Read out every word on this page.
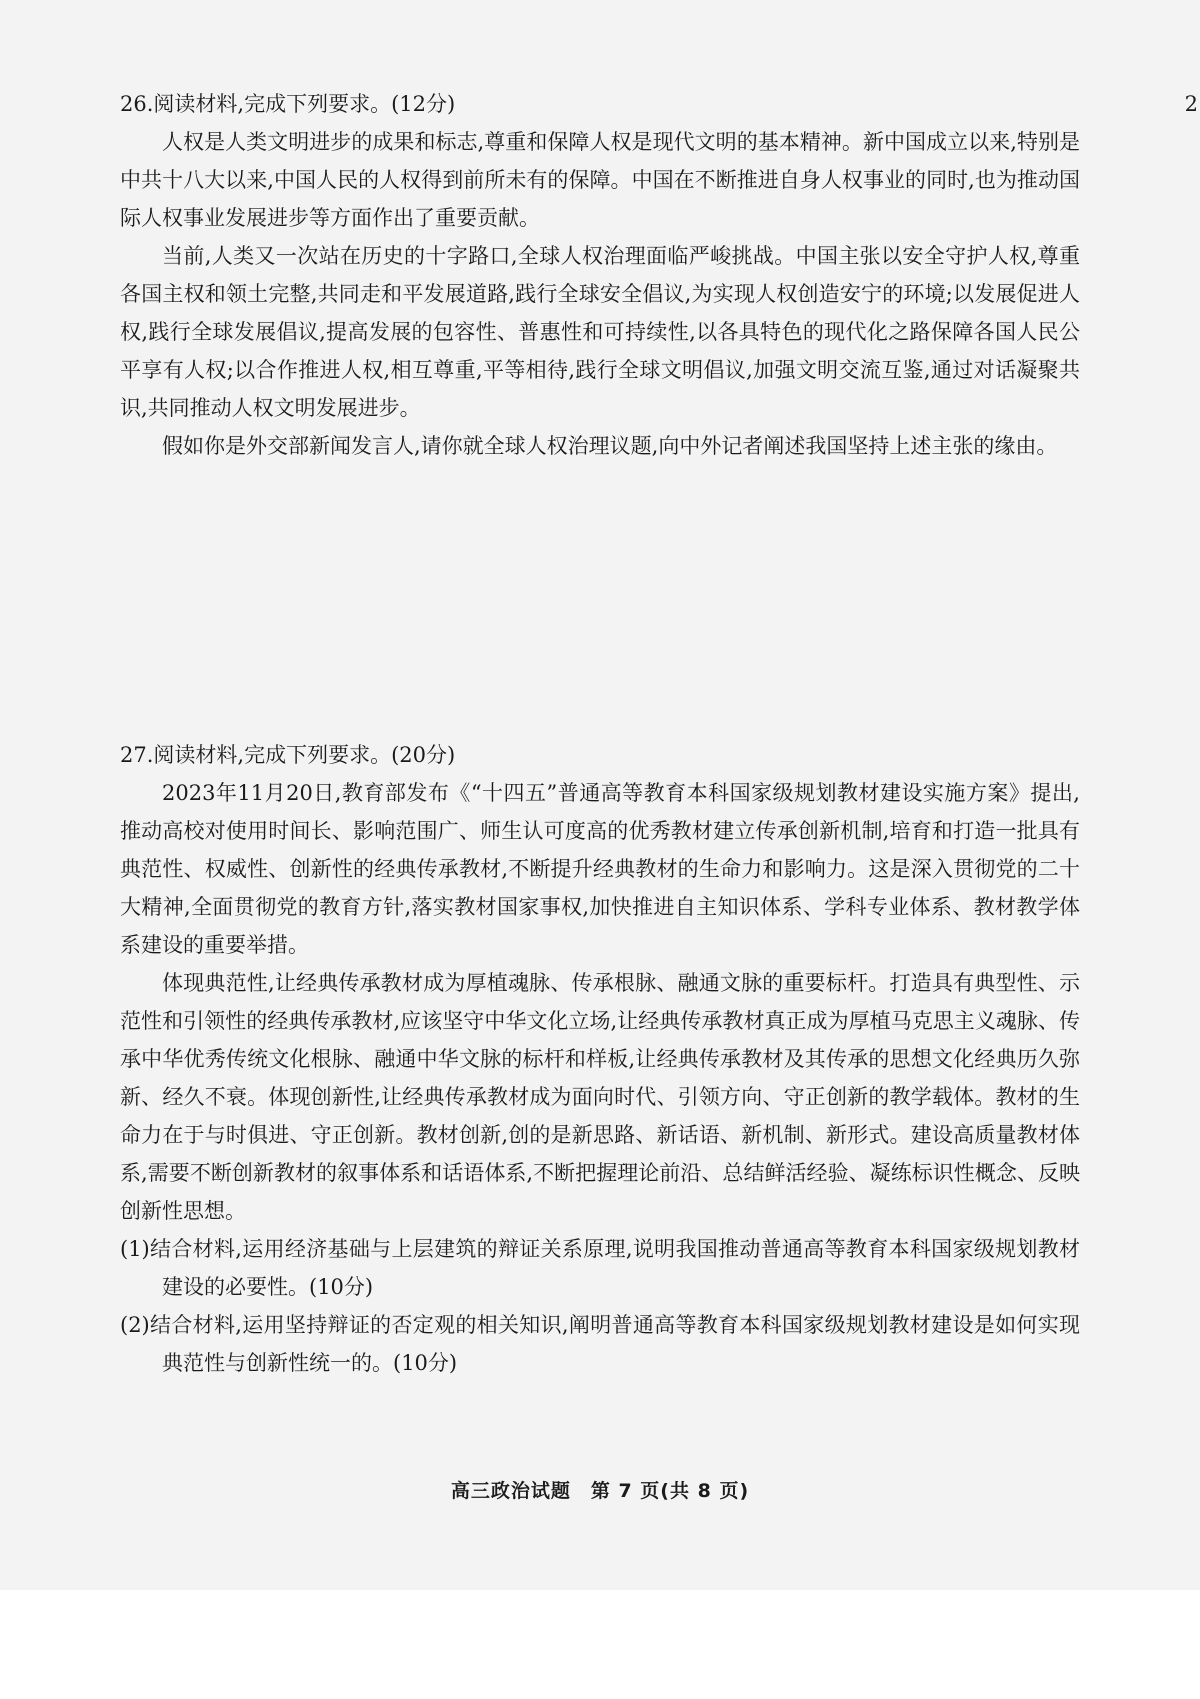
2
26.阅读材料,完成下列要求。(12分)

人权是人类文明进步的成果和标志,尊重和保障人权是现代文明的基本精神。新中国成立以来,特别是中共十八大以来,中国人民的人权得到前所未有的保障。中国在不断推进自身人权事业的同时,也为推动国际人权事业发展进步等方面作出了重要贡献。

当前,人类又一次站在历史的十字路口,全球人权治理面临严峻挑战。中国主张以安全守护人权,尊重各国主权和领土完整,共同走和平发展道路,践行全球安全倡议,为实现人权创造安宁的环境;以发展促进人权,践行全球发展倡议,提高发展的包容性、普惠性和可持续性,以各具特色的现代化之路保障各国人民公平享有人权;以合作推进人权,相互尊重,平等相待,践行全球文明倡议,加强文明交流互鉴,通过对话凝聚共识,共同推动人权文明发展进步。

假如你是外交部新闻发言人,请你就全球人权治理议题,向中外记者阐述我国坚持上述主张的缘由。

27.阅读材料,完成下列要求。(20分)

2023年11月20日,教育部发布《“十四五”普通高等教育本科国家级规划教材建设实施方案》提出,推动高校对使用时间长、影响范围广、师生认可度高的优秀教材建立传承创新机制,培育和打造一批具有典范性、权威性、创新性的经典传承教材,不断提升经典教材的生命力和影响力。这是深入贯彻党的二十大精神,全面贯彻党的教育方针,落实教材国家事权,加快推进自主知识体系、学科专业体系、教材教学体系建设的重要举措。

体现典范性,让经典传承教材成为厚植魂脉、传承根脉、融通文脉的重要标杆。打造具有典型性、示范性和引领性的经典传承教材,应该坚守中华文化立场,让经典传承教材真正成为厚植马克思主义魂脉、传承中华优秀传统文化根脉、融通中华文脉的标杆和样板,让经典传承教材及其传承的思想文化经典历久弥新、经久不衰。体现创新性,让经典传承教材成为面向时代、引领方向、守正创新的教学载体。教材的生命力在于与时俱进、守正创新。教材创新,创的是新思路、新话语、新机制、新形式。建设高质量教材体系,需要不断创新教材的叙事体系和话语体系,不断把握理论前沿、总结鲜活经验、凝练标识性概念、反映创新性思想。

(1)结合材料,运用经济基础与上层建筑的辩证关系原理,说明我国推动普通高等教育本科国家级规划教材建设的必要性。(10分)

(2)结合材料,运用坚持辩证的否定观的相关知识,阐明普通高等教育本科国家级规划教材建设是如何实现典范性与创新性统一的。(10分)

高三政治试题　第 7 页(共 8 页)
